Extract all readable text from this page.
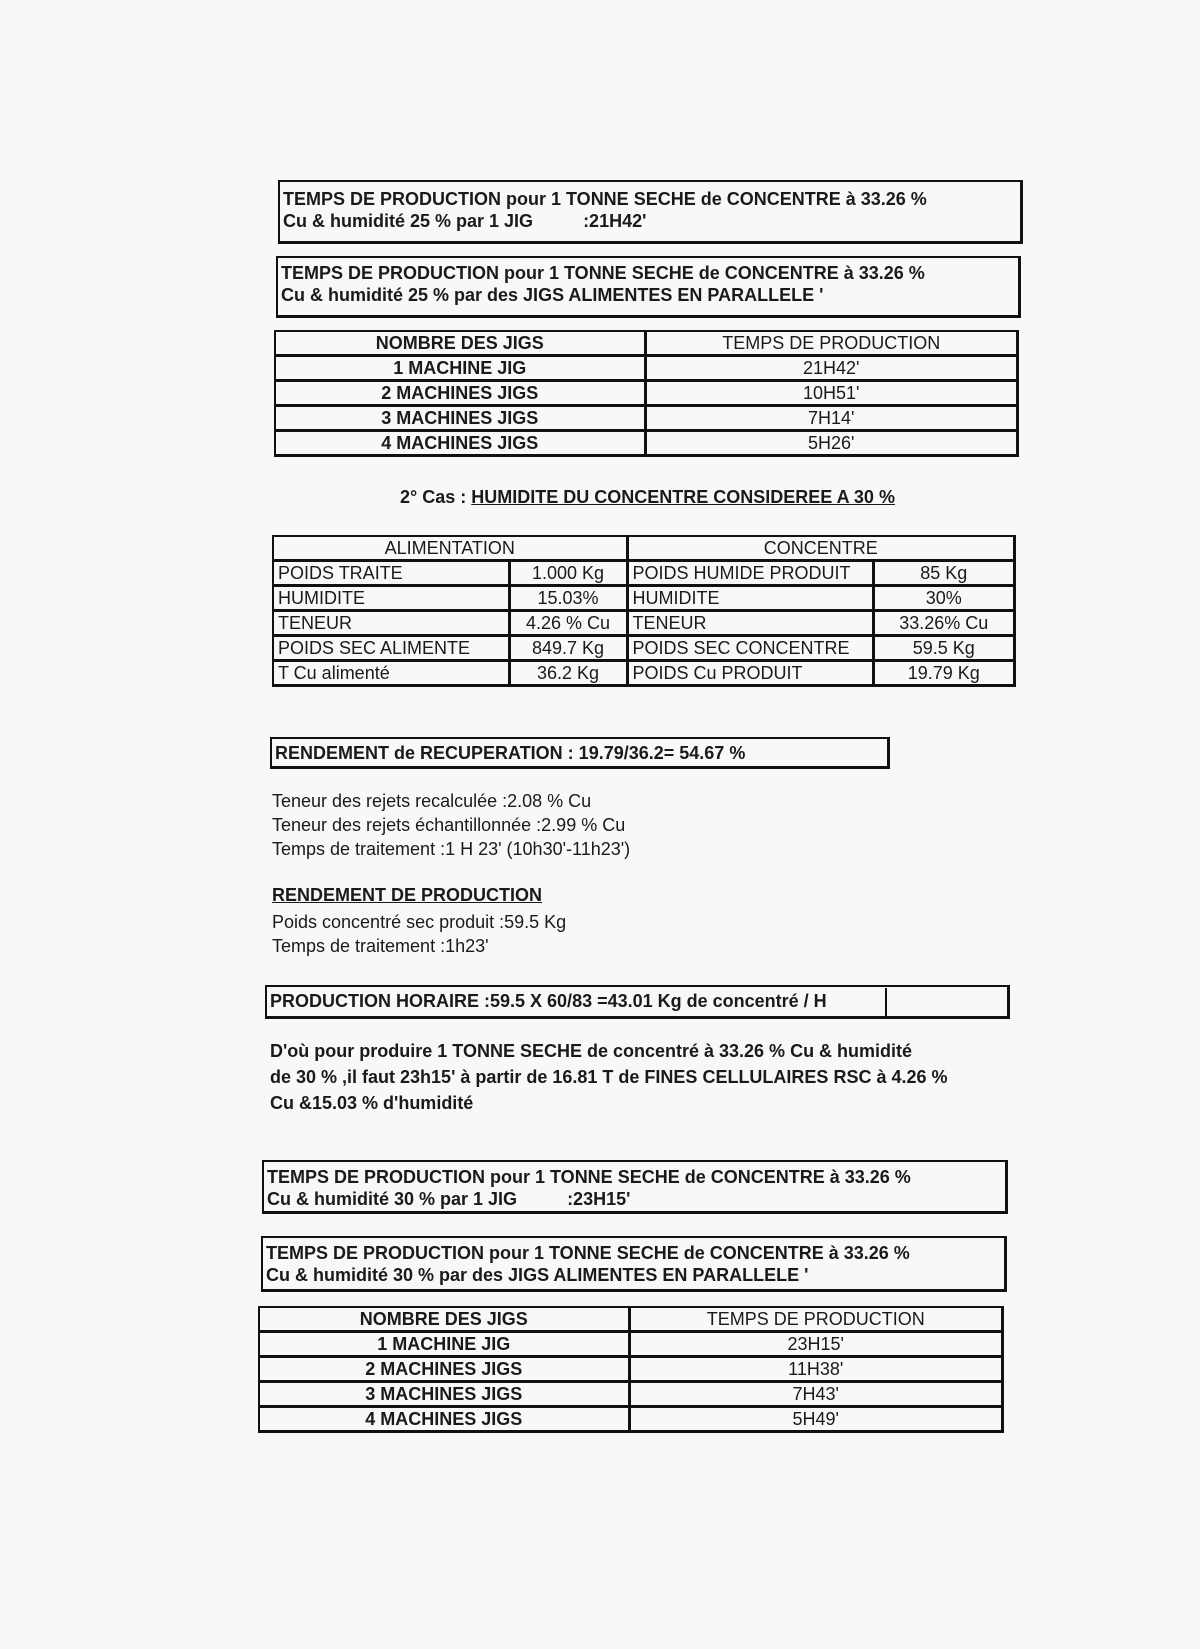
TEMPS DE PRODUCTION pour 1 TONNE SECHE de CONCENTRE à 33.26 %
Cu & humidité 25 % par 1 JIG	:21H42'
TEMPS DE PRODUCTION pour 1 TONNE SECHE de CONCENTRE à 33.26 %
Cu & humidité 25 % par des JIGS ALIMENTES EN PARALLELE '
NOMBRE DES JIGS	TEMPS DE PRODUCTION
1 MACHINE JIG	21H42'
2 MACHINES JIGS	10H51'
3 MACHINES JIGS	7H14'
4 MACHINES JIGS	5H26'
2° Cas : HUMIDITE DU CONCENTRE CONSIDEREE A 30 %
ALIMENTATION		CONCENTRE	
POIDS TRAITE	1.000 Kg	POIDS HUMIDE PRODUIT	85 Kg
HUMIDITE	15.03%	HUMIDITE	30%
TENEUR	4.26 % Cu	TENEUR	33.26% Cu
POIDS SEC ALIMENTE	849.7 Kg	POIDS SEC CONCENTRE	59.5 Kg
T Cu alimenté	36.2 Kg	POIDS Cu PRODUIT	19.79 Kg
RENDEMENT de RECUPERATION : 19.79/36.2= 54.67 %
Teneur des rejets recalculée :2.08 % Cu
Teneur des rejets échantillonnée :2.99 % Cu
Temps de traitement :1 H 23' (10h30'-11h23')
RENDEMENT DE PRODUCTION
Poids concentré sec produit :59.5 Kg
Temps de traitement :1h23'
PRODUCTION HORAIRE :59.5 X 60/83 =43.01 Kg de concentré / H
D'où pour produire 1 TONNE SECHE de concentré à 33.26 % Cu & humidité
de 30 % ,il faut 23h15' à partir de 16.81 T de FINES CELLULAIRES RSC à 4.26 %
Cu &15.03 % d'humidité
TEMPS DE PRODUCTION pour 1 TONNE SECHE de CONCENTRE à 33.26 %
Cu & humidité 30 % par 1 JIG	:23H15'
TEMPS DE PRODUCTION pour 1 TONNE SECHE de CONCENTRE à 33.26 %
Cu & humidité 30 % par des JIGS ALIMENTES EN PARALLELE '
NOMBRE DES JIGS	TEMPS DE PRODUCTION
1 MACHINE JIG	23H15'
2 MACHINES JIGS	11H38'
3 MACHINES JIGS	7H43'
4 MACHINES JIGS	5H49'
